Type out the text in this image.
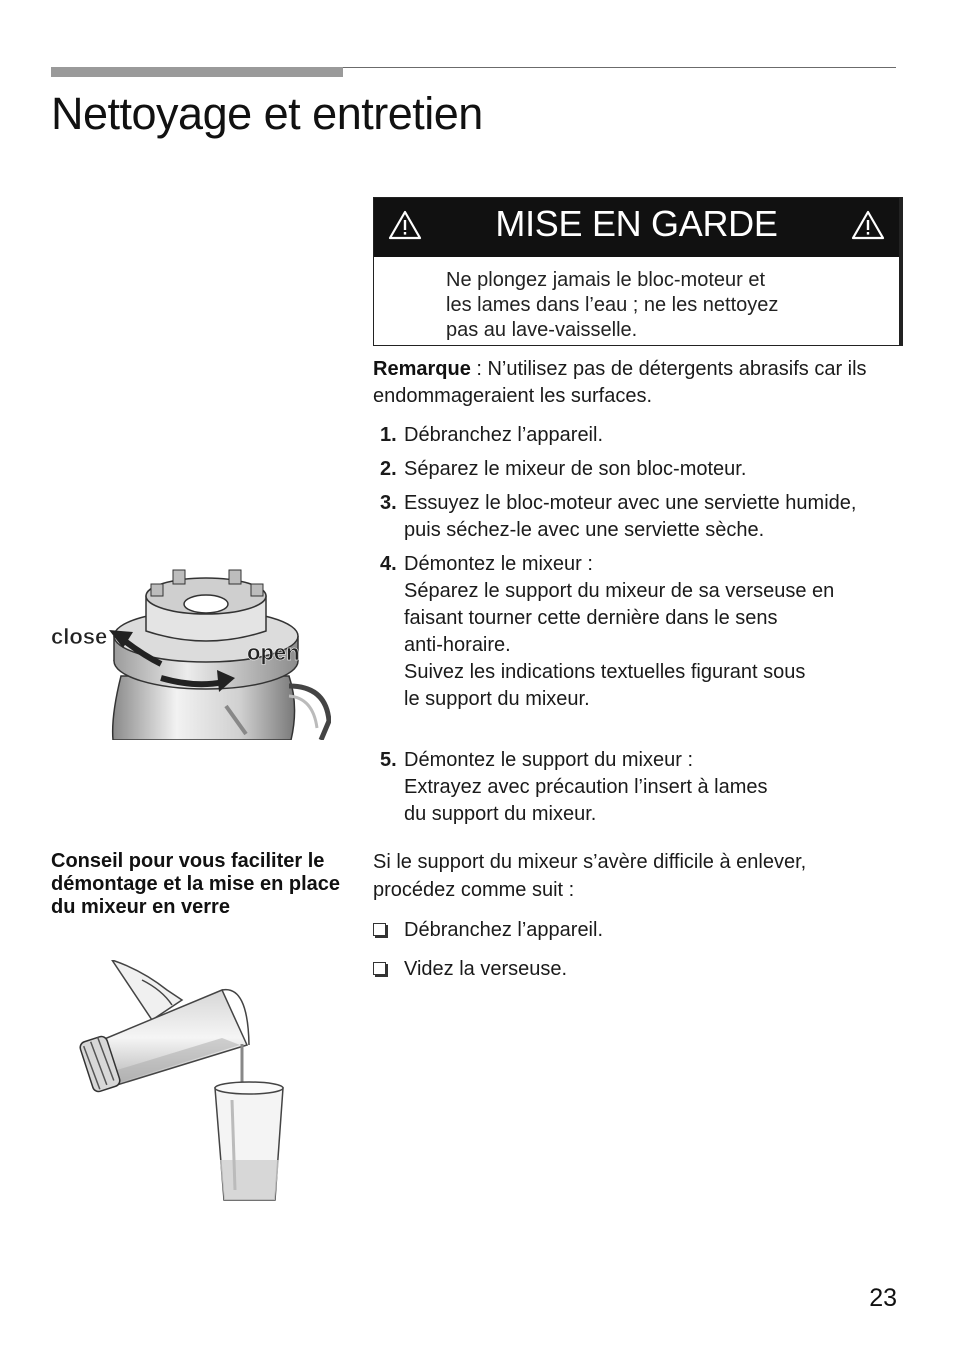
Nettoyage et entretien
MISE EN GARDE
Ne plongez jamais le bloc-moteur et
les lames dans l’eau ; ne les nettoyez
pas au lave-vaisselle.
Remarque : N’utilisez pas de détergents abrasifs car ils endommageraient les surfaces.
1. Débranchez l’appareil.
2. Séparez le mixeur de son bloc-moteur.
3. Essuyez le bloc-moteur avec une serviette humide,
puis séchez-le avec une serviette sèche.
4. Démontez le mixeur :
Séparez le support du mixeur de sa verseuse en
faisant tourner cette dernière dans le sens
anti-horaire.
Suivez les indications textuelles figurant sous
le support du mixeur.
5. Démontez le support du mixeur :
Extrayez avec précaution l’insert à lames
du support du mixeur.
close
open
Conseil pour vous faciliter le démontage et la mise en place du mixeur en verre
Si le support du mixeur s’avère difficile à enlever, procédez comme suit :
Débranchez l’appareil.
Videz la verseuse.
23
